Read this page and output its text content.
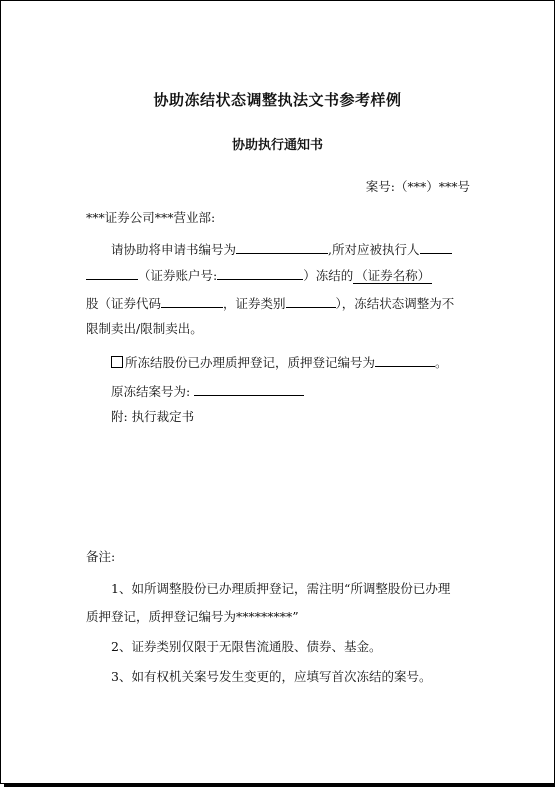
协助冻结状态调整执法文书参考样例
协助执行通知书
案号:（***）***号
***证券公司***营业部:
请协助将申请书编号为	,所对应被执行人
（证券账户号:	）冻结的 （证券名称）
股（证券代码	，证券类别	），冻结状态调整为不
限制卖出/限制卖出。
所冻结股份已办理质押登记，质押登记编号为	。
原冻结案号为:
附: 执行裁定书
备注:
1、如所调整股份已办理质押登记，需注明“所调整股份已办理
质押登记，质押登记编号为*********”
2、证券类别仅限于无限售流通股、债券、基金。
3、如有权机关案号发生变更的，应填写首次冻结的案号。
